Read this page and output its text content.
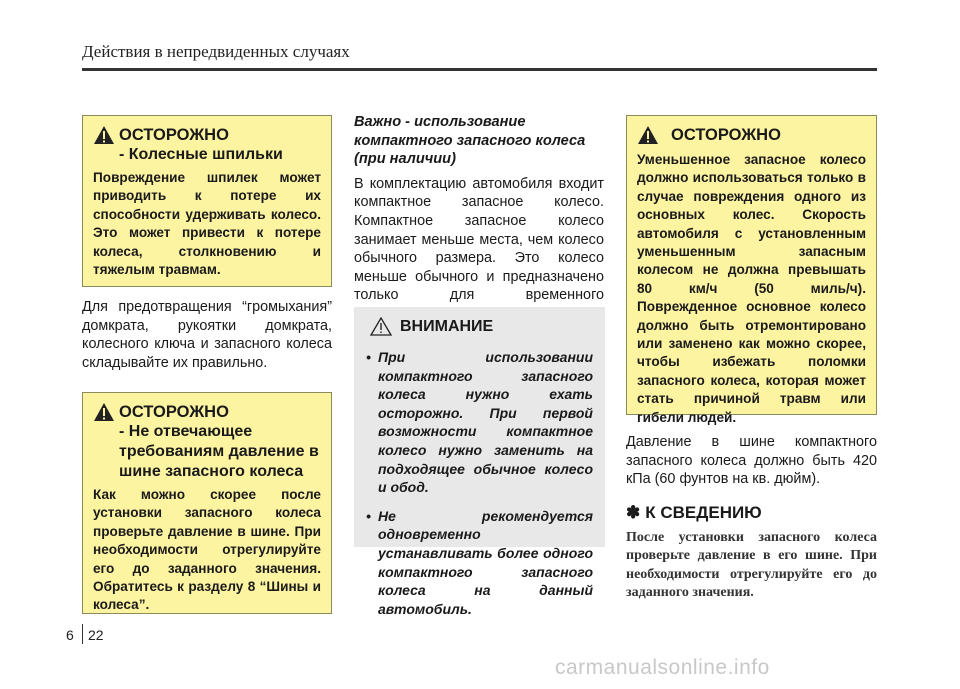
Действия в непредвиденных случаях
ОСТОРОЖНО
- Колесные шпильки
Повреждение шпилек может приводить к потере их способности удерживать колесо. Это может привести к потере колеса, столкновению и тяжелым травмам.
Для предотвращения “громыхания” домкрата, рукоятки домкрата, колесного ключа и запасного колеса складывайте их правильно.
ОСТОРОЖНО
- Не отвечающее требованиям давление в шине запасного колеса
Как можно скорее после установки запасного колеса проверьте давление в шине. При необходимости отрегулируйте его до заданного значения. Обратитесь к разделу 8 “Шины и колеса”.
Важно - использование компактного запасного колеса (при наличии)
В комплектацию автомобиля входит компактное запасное колесо. Компактное запасное колесо занимает меньше места, чем колесо обычного размера. Это колесо меньше обычного и предназначено только для временного
ВНИМАНИЕ
• При использовании компактного запасного колеса нужно ехать осторожно. При первой возможности компактное колесо нужно заменить на подходящее обычное колесо и обод.
• Не рекомендуется одновременно устанавливать более одного компактного запасного колеса на данный автомобиль.
ОСТОРОЖНО
Уменьшенное запасное колесо должно использоваться только в случае повреждения одного из основных колес. Скорость автомобиля с установленным уменьшенным запасным колесом не должна превышать 80 км/ч (50 миль/ч). Поврежденное основное колесо должно быть отремонтировано или заменено как можно скорее, чтобы избежать поломки запасного колеса, которая может стать причиной травм или гибели людей.
Давление в шине компактного запасного колеса должно быть 420 кПа (60 фунтов на кв. дюйм).
✽ К СВЕДЕНИЮ
После установки запасного колеса проверьте давление в его шине. При необходимости отрегулируйте его до заданного значения.
6 22
carmanualsonline.info
